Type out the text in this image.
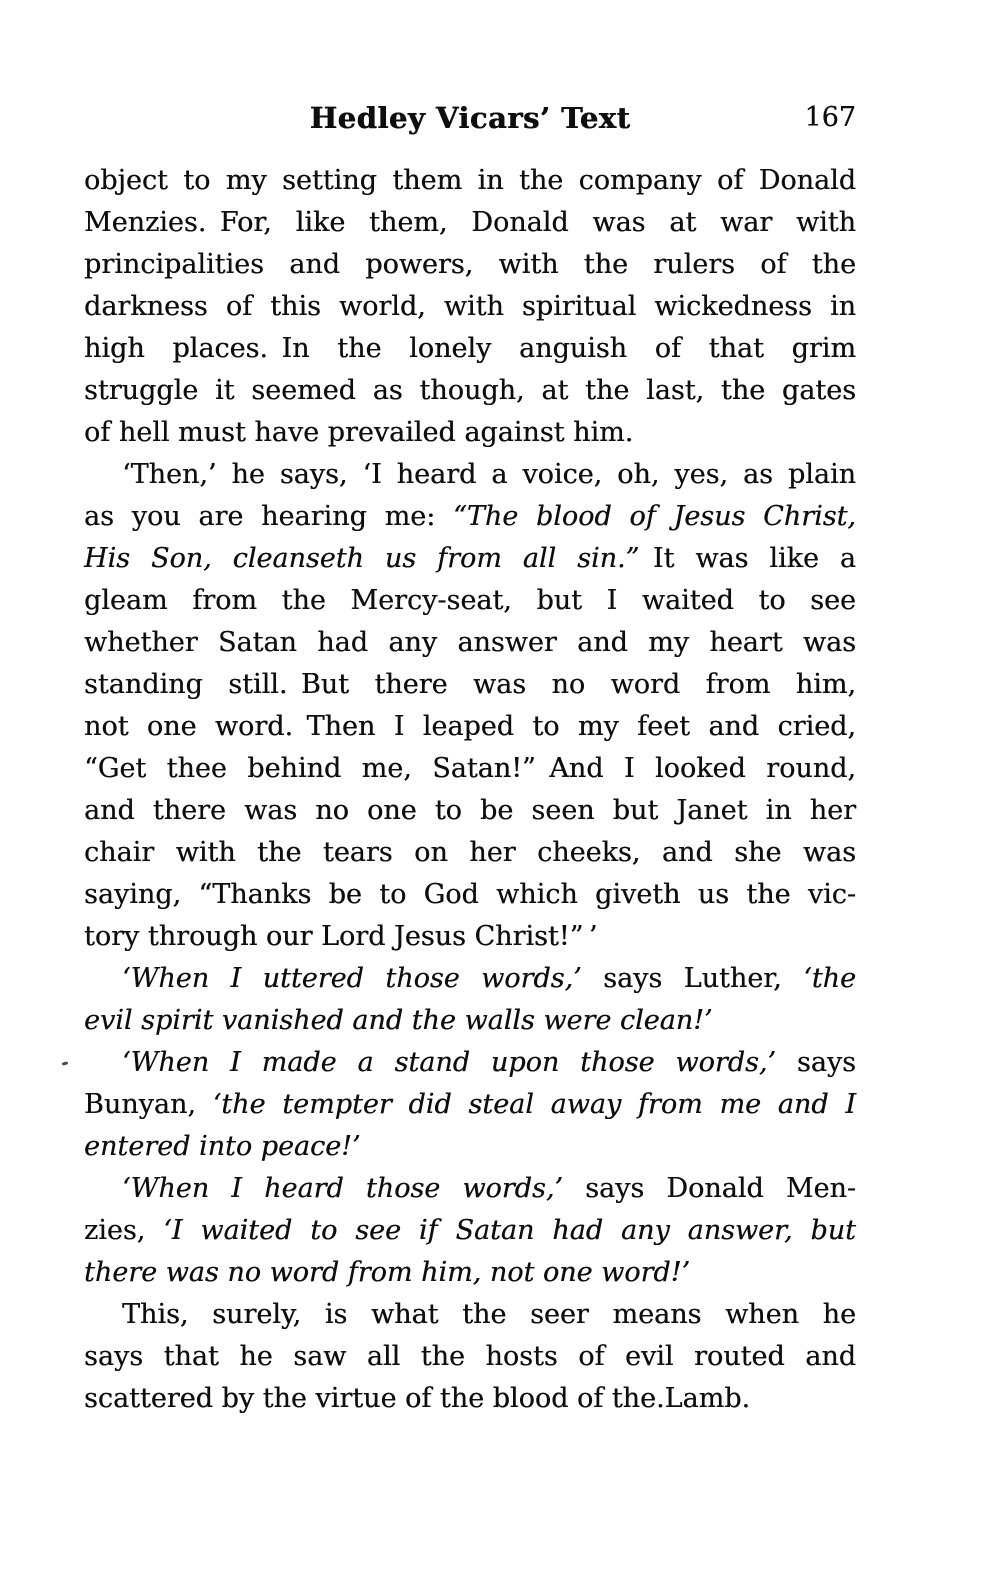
Hedley Vicars’ Text	167
object to my setting them in the company of Donald
Menzies. For, like them, Donald was at war with
principalities and powers, with the rulers of the
darkness of this world, with spiritual wickedness in
high places. In the lonely anguish of that grim
struggle it seemed as though, at the last, the gates
of hell must have prevailed against him.
‘Then,’ he says, ‘I heard a voice, oh, yes, as plain
as you are hearing me: “The blood of Jesus Christ,
His Son, cleanseth us from all sin.” It was like a
gleam from the Mercy-seat, but I waited to see
whether Satan had any answer and my heart was
standing still. But there was no word from him,
not one word. Then I leaped to my feet and cried,
“Get thee behind me, Satan!” And I looked round,
and there was no one to be seen but Janet in her
chair with the tears on her cheeks, and she was
saying, “Thanks be to God which giveth us the vic-
tory through our Lord Jesus Christ!” ’
‘When I uttered those words,’ says Luther, ‘the
evil spirit vanished and the walls were clean!’
‘When I made a stand upon those words,’ says
Bunyan, ‘the tempter did steal away from me and I
entered into peace!’
‘When I heard those words,’ says Donald Men-
zies, ‘I waited to see if Satan had any answer, but
there was no word from him, not one word!’
This, surely, is what the seer means when he
says that he saw all the hosts of evil routed and
scattered by the virtue of the blood of the.Lamb.
